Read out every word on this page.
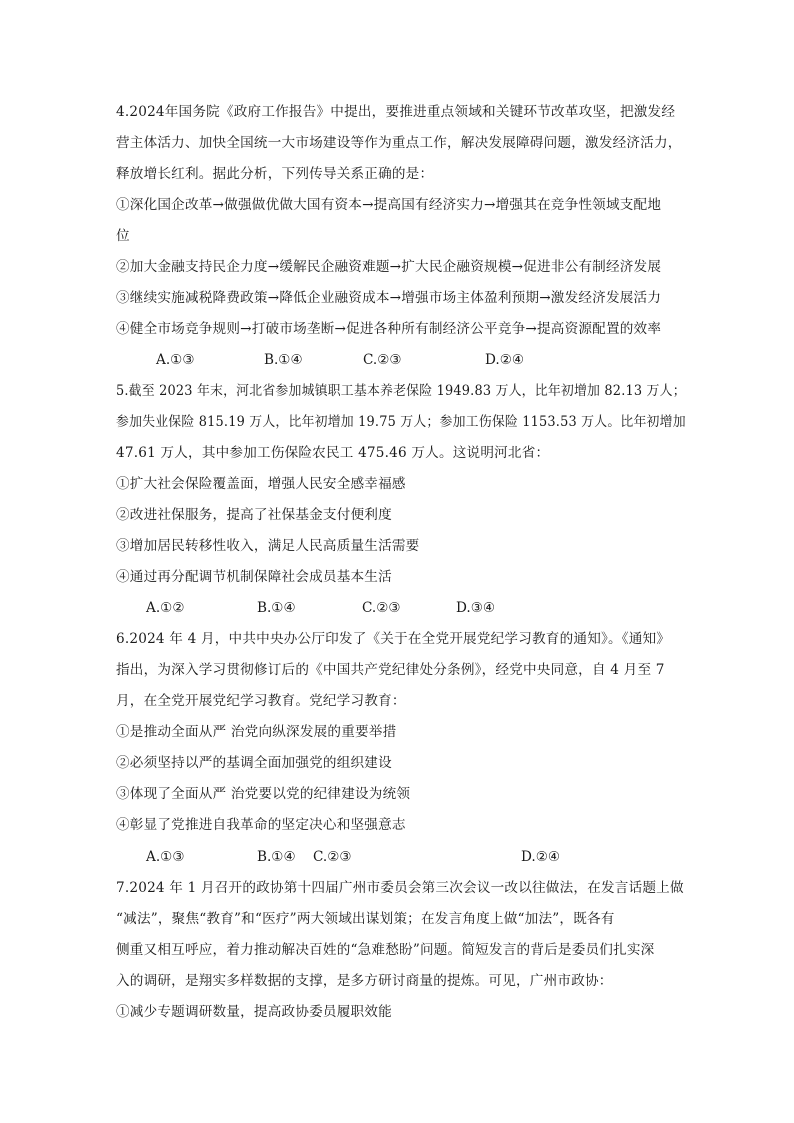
4.2024年国务院《政府工作报告》中提出，要推进重点领域和关键环节改革攻坚，把激发经
营主体活力、加快全国统一大市场建设等作为重点工作，解决发展障碍问题，激发经济活力，
释放增长红利。据此分析，下列传导关系正确的是：
①深化国企改革→做强做优做大国有资本→提高国有经济实力→增强其在竞争性领域支配地
位
②加大金融支持民企力度→缓解民企融资难题→扩大民企融资规模→促进非公有制经济发展
③继续实施减税降费政策→降低企业融资成本→增强市场主体盈利预期→激发经济发展活力
④健全市场竞争规则→打破市场垄断→促进各种所有制经济公平竞争→提高资源配置的效率
A.①③	B.①④	C.②③	D.②④
5.截至 2023 年末，河北省参加城镇职工基本养老保险 1949.83 万人，比年初增加 82.13 万人；
参加失业保险 815.19 万人，比年初增加 19.75 万人；参加工伤保险 1153.53 万人。比年初增加
47.61 万人，其中参加工伤保险农民工 475.46 万人。这说明河北省：
①扩大社会保险覆盖面，增强人民安全感幸福感
②改进社保服务，提高了社保基金支付便利度
③增加居民转移性收入，满足人民高质量生活需要
④通过再分配调节机制保障社会成员基本生活
A.①②	B.①④	C.②③	D.③④
6.2024 年 4 月，中共中央办公厅印发了《关于在全党开展党纪学习教育的通知》。《通知》
指出，为深入学习贯彻修订后的《中国共产党纪律处分条例》，经党中央同意，自 4 月至 7
月，在全党开展党纪学习教育。党纪学习教育：
①是推动全面从严 治党向纵深发展的重要举措
②必须坚持以严的基调全面加强党的组织建设
③体现了全面从严 治党要以党的纪律建设为统领
④彰显了党推进自我革命的坚定决心和坚强意志
A.①③	B.①④ C.②③	D.②④
7.2024 年 1 月召开的政协第十四届广州市委员会第三次会议一改以往做法，在发言话题上做
“减法”，聚焦“教育”和“医疗”两大领域出谋划策；在发言角度上做“加法”，既各有
侧重又相互呼应，着力推动解决百姓的“急难愁盼”问题。简短发言的背后是委员们扎实深
入的调研，是翔实多样数据的支撑，是多方研讨商量的提炼。可见，广州市政协：
①减少专题调研数量，提高政协委员履职效能
